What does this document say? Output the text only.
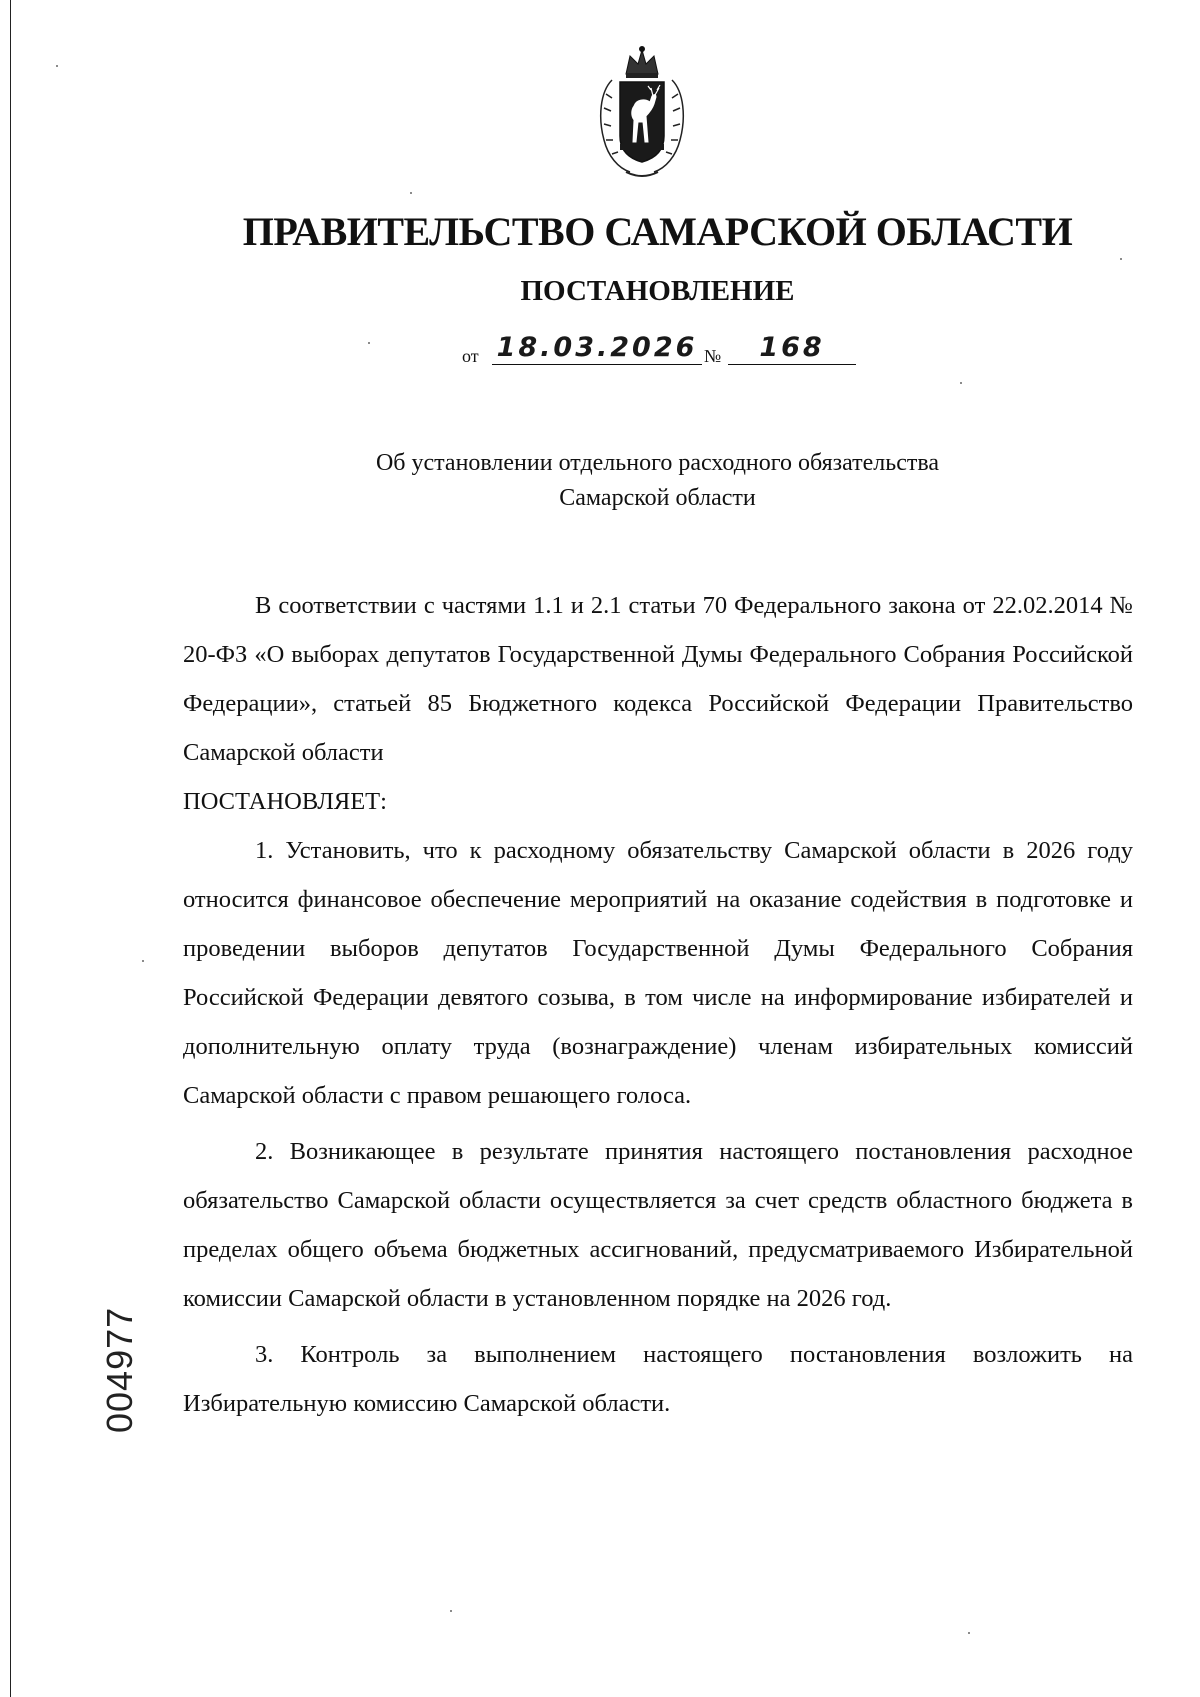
ПРАВИТЕЛЬСТВО САМАРСКОЙ ОБЛАСТИ
ПОСТАНОВЛЕНИЕ
от 18.03.2026 №	168
Об установлении отдельного расходного обязательства
Самарской области

В соответствии с частями 1.1 и 2.1 статьи 70 Федерального закона от 22.02.2014 № 20-ФЗ «О выборах депутатов Государственной Думы Федерального Собрания Российской Федерации», статьей 85 Бюджетного кодекса Российской Федерации Правительство Самарской области

ПОСТАНОВЛЯЕТ:

1. Установить, что к расходному обязательству Самарской области в 2026 году относится финансовое обеспечение мероприятий на оказание содействия в подготовке и проведении выборов депутатов Государственной Думы Федерального Собрания Российской Федерации девятого созыва, в том числе на информирование избирателей и дополнительную оплату труда (вознаграждение) членам избирательных комиссий Самарской области с правом решающего голоса.

2. Возникающее в результате принятия настоящего постановления расходное обязательство Самарской области осуществляется за счет средств областного бюджета в пределах общего объема бюджетных ассигнований, предусматриваемого Избирательной комиссии Самарской области в установленном порядке на 2026 год.

3. Контроль за выполнением настоящего постановления возложить на Избирательную комиссию Самарской области.

004977
